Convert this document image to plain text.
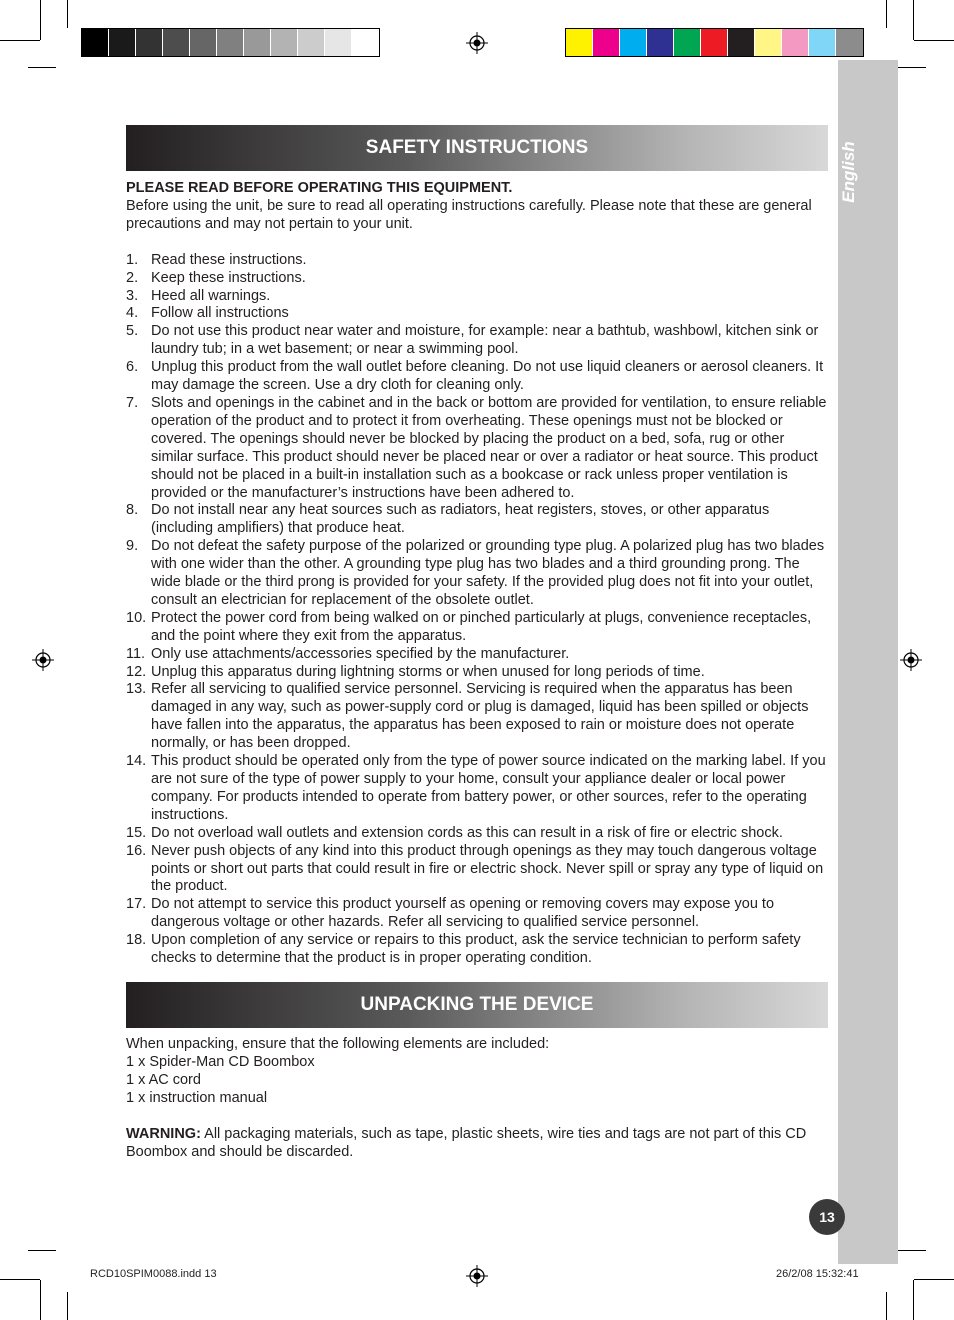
English
13
SAFETY INSTRUCTIONS

PLEASE READ BEFORE OPERATING THIS EQUIPMENT.

Before using the unit, be sure to read all operating instructions carefully. Please note that these are general precautions and may not pertain to your unit.

1. Read these instructions.
2. Keep these instructions.
3. Heed all warnings.
4. Follow all instructions
5. Do not use this product near water and moisture, for example: near a bathtub, washbowl, kitchen sink or laundry tub; in a wet basement; or near a swimming pool.
6. Unplug this product from the wall outlet before cleaning. Do not use liquid cleaners or aerosol cleaners. It may damage the screen. Use a dry cloth for cleaning only.
7. Slots and openings in the cabinet and in the back or bottom are provided for ventilation, to ensure reliable operation of the product and to protect it from overheating. These openings must not be blocked or covered. The openings should never be blocked by placing the product on a bed, sofa, rug or other similar surface. This product should never be placed near or over a radiator or heat source. This product should not be placed in a built-in installation such as a bookcase or rack unless proper ventilation is provided or the manufacturer’s instructions have been adhered to.
8. Do not install near any heat sources such as radiators, heat registers, stoves, or other apparatus (including amplifiers) that produce heat.
9. Do not defeat the safety purpose of the polarized or grounding type plug. A polarized plug has two blades with one wider than the other. A grounding type plug has two blades and a third grounding prong. The wide blade or the third prong is provided for your safety. If the provided plug does not fit into your outlet, consult an electrician for replacement of the obsolete outlet.
10. Protect the power cord from being walked on or pinched particularly at plugs, convenience receptacles, and the point where they exit from the apparatus.
11. Only use attachments/accessories specified by the manufacturer.
12. Unplug this apparatus during lightning storms or when unused for long periods of time.
13. Refer all servicing to qualified service personnel. Servicing is required when the apparatus has been damaged in any way, such as power-supply cord or plug is damaged, liquid has been spilled or objects have fallen into the apparatus, the apparatus has been exposed to rain or moisture does not operate normally, or has been dropped.
14. This product should be operated only from the type of power source indicated on the marking label. If you are not sure of the type of power supply to your home, consult your appliance dealer or local power company. For products intended to operate from battery power, or other sources, refer to the operating instructions.
15. Do not overload wall outlets and extension cords as this can result in a risk of fire or electric shock.
16. Never push objects of any kind into this product through openings as they may touch dangerous voltage points or short out parts that could result in fire or electric shock. Never spill or spray any type of liquid on the product.
17. Do not attempt to service this product yourself as opening or removing covers may expose you to dangerous voltage or other hazards. Refer all servicing to qualified service personnel.
18. Upon completion of any service or repairs to this product, ask the service technician to perform safety checks to determine that the product is in proper operating condition.
UNPACKING THE DEVICE

When unpacking, ensure that the following elements are included:

1 x Spider-Man CD Boombox

1 x AC cord

1 x instruction manual

WARNING: All packaging materials, such as tape, plastic sheets, wire ties and tags are not part of this CD Boombox and should be discarded.

RCD10SPIM0088.indd 13	26/2/08 15:32:41
